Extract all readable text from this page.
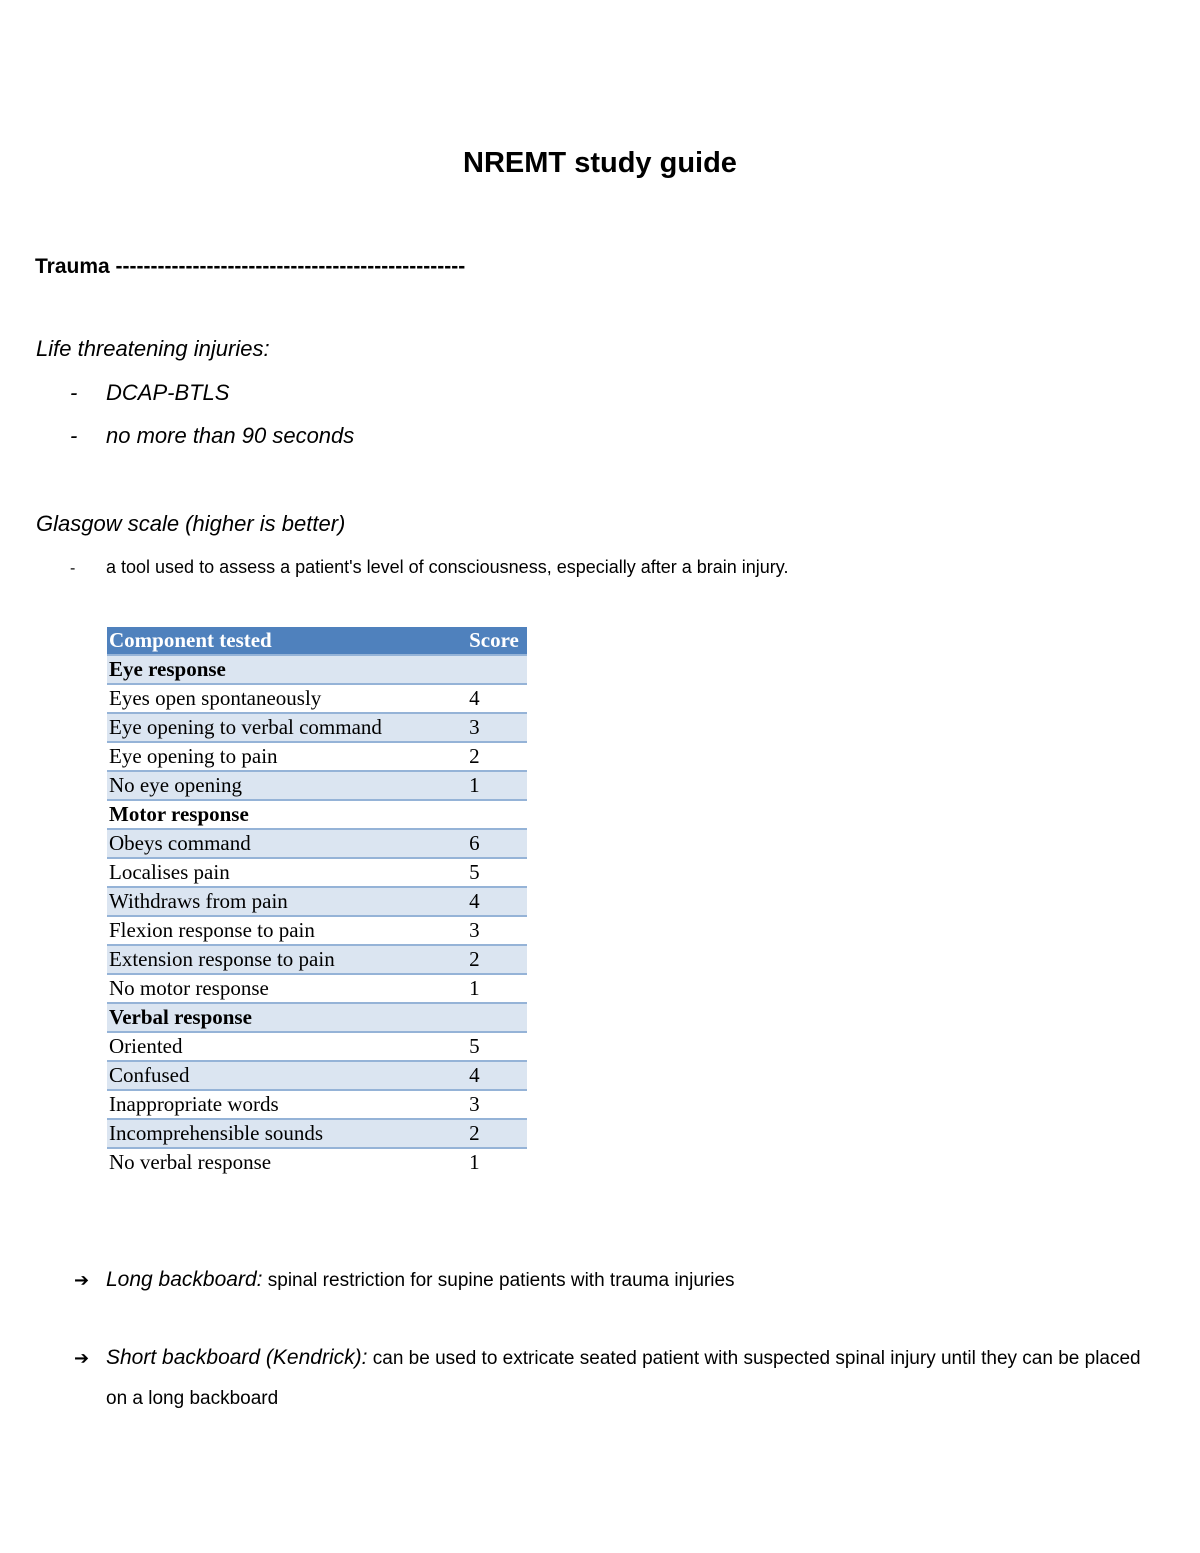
NREMT study guide
Trauma --------------------------------------------------
Life threatening injuries:
- DCAP-BTLS
- no more than 90 seconds
Glasgow scale (higher is better)
- a tool used to assess a patient's level of consciousness, especially after a brain injury.
Component tested	Score
Eye response	
Eyes open spontaneously	4
Eye opening to verbal command	3
Eye opening to pain	2
No eye opening	1
Motor response	
Obeys command	6
Localises pain	5
Withdraws from pain	4
Flexion response to pain	3
Extension response to pain	2
No motor response	1
Verbal response	
Oriented	5
Confused	4
Inappropriate words	3
Incomprehensible sounds	2
No verbal response	1
➔ Long backboard: spinal restriction for supine patients with trauma injuries
➔ Short backboard (Kendrick): can be used to extricate seated patient with suspected spinal injury until they can be placed on a long backboard
